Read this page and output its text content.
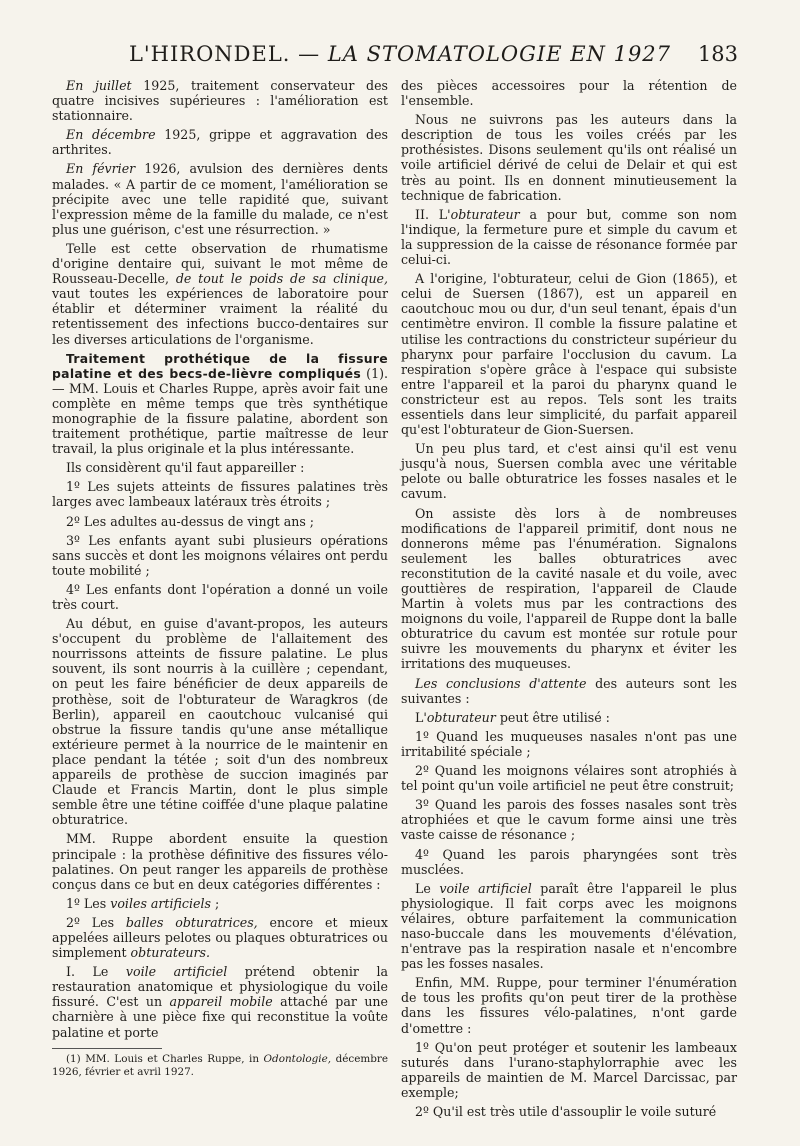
L'HIRONDEL. — LA STOMATOLOGIE EN 1927	183

En juillet 1925, traitement conservateur des quatre incisives supérieures : l'amélioration est stationnaire.

En décembre 1925, grippe et aggravation des arthrites.

En février 1926, avulsion des dernières dents malades. « A partir de ce moment, l'amélioration se précipite avec une telle rapidité que, suivant l'expression même de la famille du malade, ce n'est plus une guérison, c'est une résurrection. »

Telle est cette observation de rhumatisme d'origine dentaire qui, suivant le mot même de Rousseau-Decelle, de tout le poids de sa clinique, vaut toutes les expériences de laboratoire pour établir et déterminer vraiment la réalité du retentissement des infections bucco-dentaires sur les diverses articulations de l'organisme.

Traitement prothétique de la fissure palatine et des becs-de-lièvre compliqués (1). — MM. Louis et Charles Ruppe, après avoir fait une complète en même temps que très synthétique monographie de la fissure palatine, abordent son traitement prothétique, partie maîtresse de leur travail, la plus originale et la plus intéressante.

Ils considèrent qu'il faut appareiller :

1º Les sujets atteints de fissures palatines très larges avec lambeaux latéraux très étroits ;

2º Les adultes au-dessus de vingt ans ;

3º Les enfants ayant subi plusieurs opérations sans succès et dont les moignons vélaires ont perdu toute mobilité ;

4º Les enfants dont l'opération a donné un voile très court.

Au début, en guise d'avant-propos, les auteurs s'occupent du problème de l'allaitement des nourrissons atteints de fissure palatine. Le plus souvent, ils sont nourris à la cuillère ; cependant, on peut les faire bénéficier de deux appareils de prothèse, soit de l'obturateur de Waragkros (de Berlin), appareil en caoutchouc vulcanisé qui obstrue la fissure tandis qu'une anse métallique extérieure permet à la nourrice de le maintenir en place pendant la tétée ; soit d'un des nombreux appareils de prothèse de succion imaginés par Claude et Francis Martin, dont le plus simple semble être une tétine coiffée d'une plaque palatine obturatrice.

MM. Ruppe abordent ensuite la question principale : la prothèse définitive des fissures vélo-palatines. On peut ranger les appareils de prothèse conçus dans ce but en deux catégories différentes :

1º Les voiles artificiels ;

2º Les balles obturatrices, encore et mieux appelées ailleurs pelotes ou plaques obturatrices ou simplement obturateurs.

I. Le voile artificiel prétend obtenir la restauration anatomique et physiologique du voile fissuré. C'est un appareil mobile attaché par une charnière à une pièce fixe qui reconstitue la voûte palatine et porte

(1) MM. Louis et Charles Ruppe, in Odontologie, décembre 1926, février et avril 1927.

des pièces accessoires pour la rétention de l'ensemble.

Nous ne suivrons pas les auteurs dans la description de tous les voiles créés par les prothésistes. Disons seulement qu'ils ont réalisé un voile artificiel dérivé de celui de Delair et qui est très au point. Ils en donnent minutieusement la technique de fabrication.

II. L'obturateur a pour but, comme son nom l'indique, la fermeture pure et simple du cavum et la suppression de la caisse de résonance formée par celui-ci.

A l'origine, l'obturateur, celui de Gion (1865), et celui de Suersen (1867), est un appareil en caoutchouc mou ou dur, d'un seul tenant, épais d'un centimètre environ. Il comble la fissure palatine et utilise les contractions du constricteur supérieur du pharynx pour parfaire l'occlusion du cavum. La respiration s'opère grâce à l'espace qui subsiste entre l'appareil et la paroi du pharynx quand le constricteur est au repos. Tels sont les traits essentiels dans leur simplicité, du parfait appareil qu'est l'obturateur de Gion-Suersen.

Un peu plus tard, et c'est ainsi qu'il est venu jusqu'à nous, Suersen combla avec une véritable pelote ou balle obturatrice les fosses nasales et le cavum.

On assiste dès lors à de nombreuses modifications de l'appareil primitif, dont nous ne donnerons même pas l'énumération. Signalons seulement les balles obturatrices avec reconstitution de la cavité nasale et du voile, avec gouttières de respiration, l'appareil de Claude Martin à volets mus par les contractions des moignons du voile, l'appareil de Ruppe dont la balle obturatrice du cavum est montée sur rotule pour suivre les mouvements du pharynx et éviter les irritations des muqueuses.

Les conclusions d'attente des auteurs sont les suivantes :

L'obturateur peut être utilisé :

1º Quand les muqueuses nasales n'ont pas une irritabilité spéciale ;

2º Quand les moignons vélaires sont atrophiés à tel point qu'un voile artificiel ne peut être construit;

3º Quand les parois des fosses nasales sont très atrophiées et que le cavum forme ainsi une très vaste caisse de résonance ;

4º Quand les parois pharyngées sont très musclées.

Le voile artificiel paraît être l'appareil le plus physiologique. Il fait corps avec les moignons vélaires, obture parfaitement la communication naso-buccale dans les mouvements d'élévation, n'entrave pas la respiration nasale et n'encombre pas les fosses nasales.

Enfin, MM. Ruppe, pour terminer l'énumération de tous les profits qu'on peut tirer de la prothèse dans les fissures vélo-palatines, n'ont garde d'omettre :

1º Qu'on peut protéger et soutenir les lambeaux suturés dans l'urano-staphylorraphie avec les appareils de maintien de M. Marcel Darcissac, par exemple;

2º Qu'il est très utile d'assouplir le voile suturé
